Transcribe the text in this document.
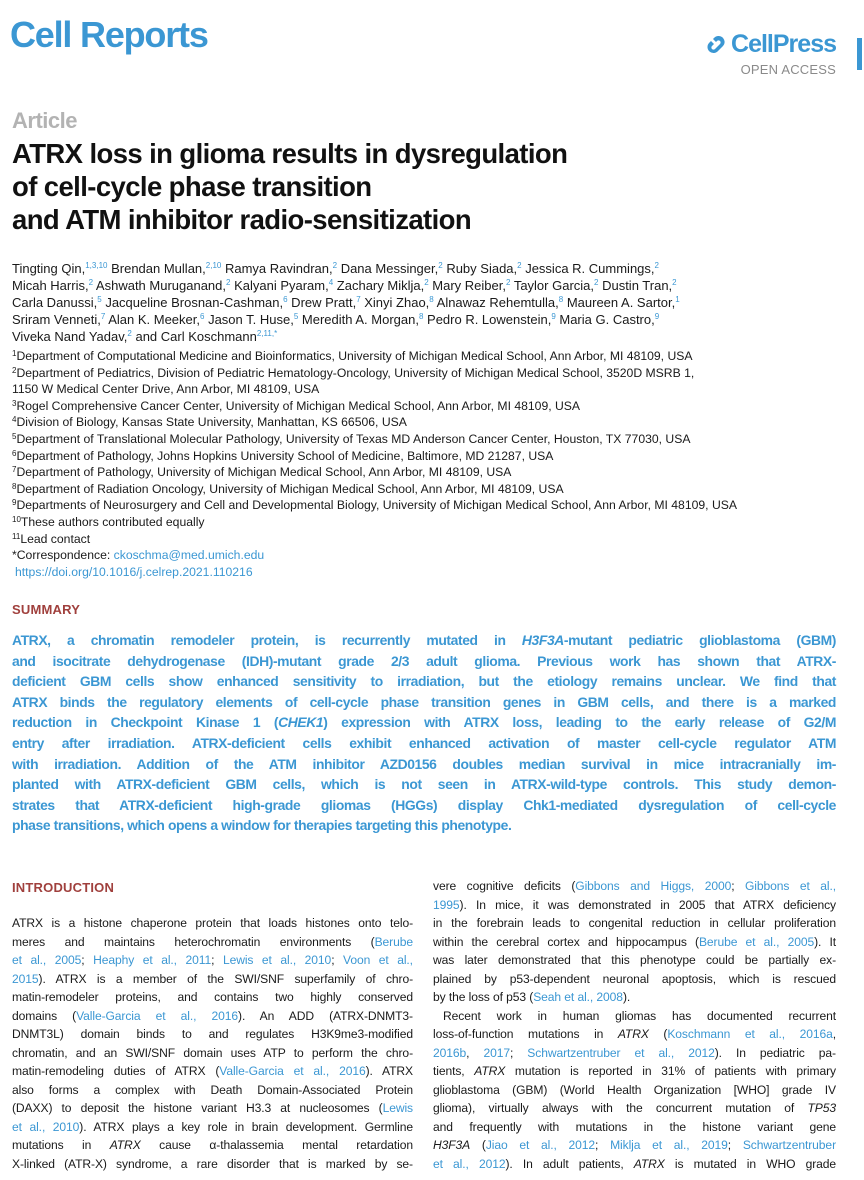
Cell Reports	CellPress
OPEN ACCESS
Article
ATRX loss in glioma results in dysregulation
of cell-cycle phase transition
and ATM inhibitor radio-sensitization
Tingting Qin,$^{1,3,10}$ Brendan Mullan,$^{2,10}$ Ramya Ravindran,$^2$ Dana Messinger,$^2$ Ruby Siada,$^2$ Jessica R. Cummings,$^2$
Micah Harris,$^2$ Ashwath Muruganand,$^2$ Kalyani Pyaram,$^4$ Zachary Miklja,$^2$ Mary Reiber,$^2$ Taylor Garcia,$^2$ Dustin Tran,$^2$
Carla Danussi,$^5$ Jacqueline Brosnan-Cashman,$^6$ Drew Pratt,$^7$ Xinyi Zhao,$^8$ Alnawaz Rehemtulla,$^8$ Maureen A. Sartor,$^1$
Sriram Venneti,$^7$ Alan K. Meeker,$^6$ Jason T. Huse,$^5$ Meredith A. Morgan,$^8$ Pedro R. Lowenstein,$^9$ Maria G. Castro,$^9$
Viveka Nand Yadav,$^2$ and Carl Koschmann$^{2,11,*}$
$^1$Department of Computational Medicine and Bioinformatics, University of Michigan Medical School, Ann Arbor, MI 48109, USA
$^2$Department of Pediatrics, Division of Pediatric Hematology-Oncology, University of Michigan Medical School, 3520D MSRB 1,
1150 W Medical Center Drive, Ann Arbor, MI 48109, USA
$^3$Rogel Comprehensive Cancer Center, University of Michigan Medical School, Ann Arbor, MI 48109, USA
$^4$Division of Biology, Kansas State University, Manhattan, KS 66506, USA
$^5$Department of Translational Molecular Pathology, University of Texas MD Anderson Cancer Center, Houston, TX 77030, USA
$^6$Department of Pathology, Johns Hopkins University School of Medicine, Baltimore, MD 21287, USA
$^7$Department of Pathology, University of Michigan Medical School, Ann Arbor, MI 48109, USA
$^8$Department of Radiation Oncology, University of Michigan Medical School, Ann Arbor, MI 48109, USA
$^9$Departments of Neurosurgery and Cell and Developmental Biology, University of Michigan Medical School, Ann Arbor, MI 48109, USA
$^{10}$These authors contributed equally
$^{11}$Lead contact
*Correspondence: ckoschma@med.umich.edu
https://doi.org/10.1016/j.celrep.2021.110216
SUMMARY
ATRX, a chromatin remodeler protein, is recurrently mutated in H3F3A-mutant pediatric glioblastoma (GBM)
and isocitrate dehydrogenase (IDH)-mutant grade 2/3 adult glioma. Previous work has shown that ATRX-
deficient GBM cells show enhanced sensitivity to irradiation, but the etiology remains unclear. We find that
ATRX binds the regulatory elements of cell-cycle phase transition genes in GBM cells, and there is a marked
reduction in Checkpoint Kinase 1 (CHEK1) expression with ATRX loss, leading to the early release of G2/M
entry after irradiation. ATRX-deficient cells exhibit enhanced activation of master cell-cycle regulator ATM
with irradiation. Addition of the ATM inhibitor AZD0156 doubles median survival in mice intracranially im-
planted with ATRX-deficient GBM cells, which is not seen in ATRX-wild-type controls. This study demon-
strates that ATRX-deficient high-grade gliomas (HGGs) display Chk1-mediated dysregulation of cell-cycle
phase transitions, which opens a window for therapies targeting this phenotype.
INTRODUCTION
ATRX is a histone chaperone protein that loads histones onto telo-
meres and maintains heterochromatin environments (Berube
et al., 2005; Heaphy et al., 2011; Lewis et al., 2010; Voon et al.,
2015). ATRX is a member of the SWI/SNF superfamily of chro-
matin-remodeler proteins, and contains two highly conserved
domains (Valle-Garcia et al., 2016). An ADD (ATRX-DNMT3-
DNMT3L) domain binds to and regulates H3K9me3-modified
chromatin, and an SWI/SNF domain uses ATP to perform the chro-
matin-remodeling duties of ATRX (Valle-Garcia et al., 2016). ATRX
also forms a complex with Death Domain-Associated Protein
(DAXX) to deposit the histone variant H3.3 at nucleosomes (Lewis
et al., 2010). ATRX plays a key role in brain development. Germline
mutations in ATRX cause α-thalassemia mental retardation
X-linked (ATR-X) syndrome, a rare disorder that is marked by se-
vere cognitive deficits (Gibbons and Higgs, 2000; Gibbons et al.,
1995). In mice, it was demonstrated in 2005 that ATRX deficiency
in the forebrain leads to congenital reduction in cellular proliferation
within the cerebral cortex and hippocampus (Berube et al., 2005). It
was later demonstrated that this phenotype could be partially ex-
plained by p53-dependent neuronal apoptosis, which is rescued
by the loss of p53 (Seah et al., 2008).
Recent work in human gliomas has documented recurrent
loss-of-function mutations in ATRX (Koschmann et al., 2016a,
2016b, 2017; Schwartzentruber et al., 2012). In pediatric pa-
tients, ATRX mutation is reported in 31% of patients with primary
glioblastoma (GBM) (World Health Organization [WHO] grade IV
glioma), virtually always with the concurrent mutation of TP53
and frequently with mutations in the histone variant gene
H3F3A (Jiao et al., 2012; Miklja et al., 2019; Schwartzentruber
et al., 2012). In adult patients, ATRX is mutated in WHO grade
